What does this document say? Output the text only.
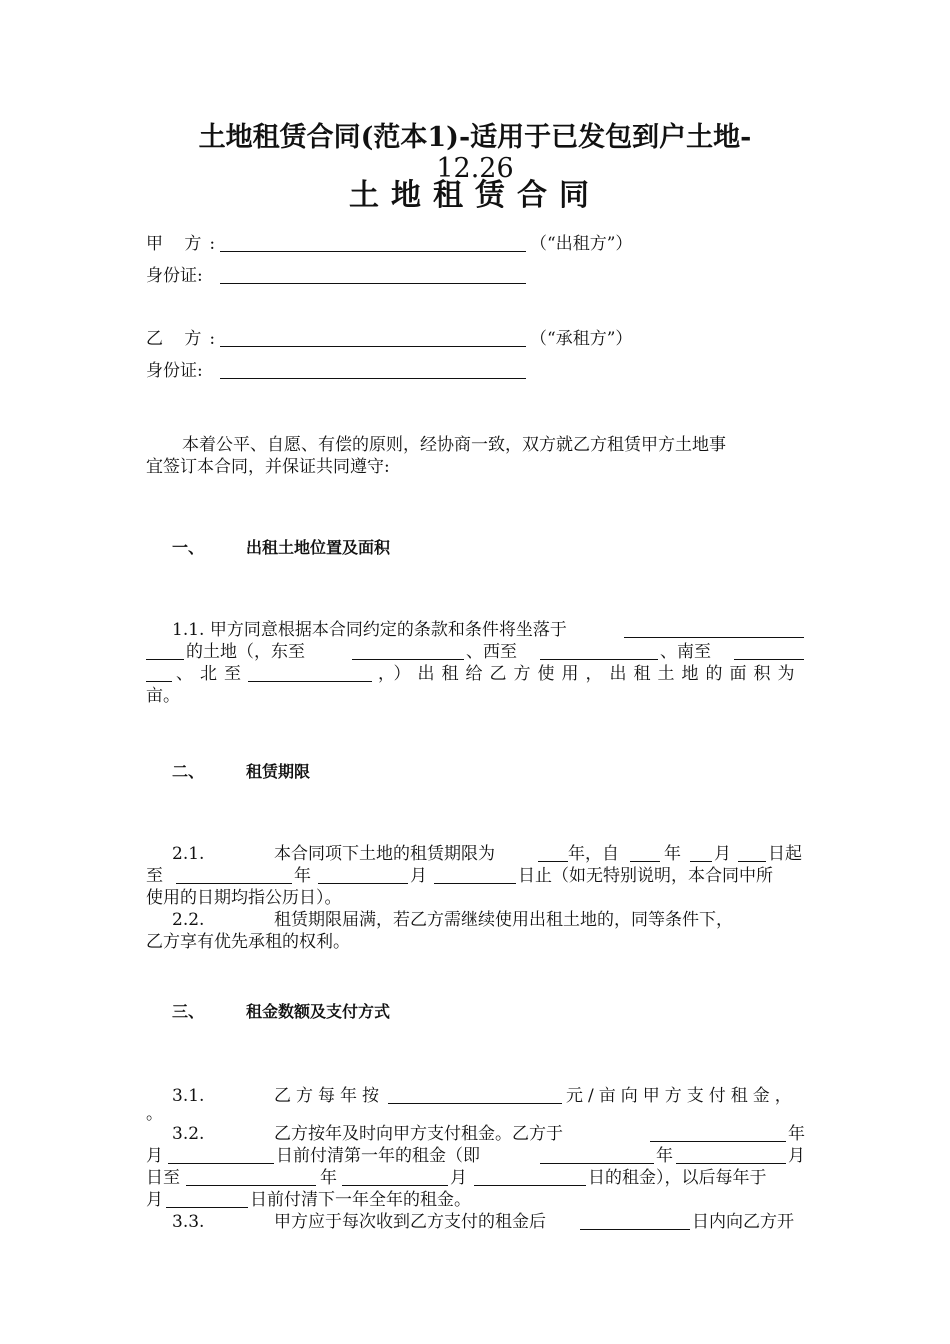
土地租赁合同(范本1)-适用于已发包到户土地-
12.26
土地租赁合同
甲 方:	（“出租方”）
身份证:
乙 方:	（“承租方”）
身份证:
本着公平、自愿、有偿的原则，经协商一致，双方就乙方租赁甲方土地事
宜签订本合同，并保证共同遵守:
一、	出租土地位置及面积
1.1. 甲方同意根据本合同约定的条款和条件将坐落于
的土地（，东至	、西至	、南至
、北至	，）出租给乙方使用，出租土地的面积为
亩。
二、	租赁期限
2.1.	本合同项下土地的租赁期限为	年，自	年 月 日起
至	年	月	日止（如无特别说明，本合同中所
使用的日期均指公历日）。
2.2.	租赁期限届满，若乙方需继续使用出租土地的，同等条件下，
乙方享有优先承租的权利。
三、	租金数额及支付方式
3.1.	乙方每年按	元/亩向甲方支付租金，
。
3.2.	乙方按年及时向甲方支付租金。乙方于	年
月	日前付清第一年的租金（即	年	月
日至	年	月	日的租金），以后每年于
月	日前付清下一年全年的租金。
3.3.	甲方应于每次收到乙方支付的租金后	日内向乙方开
